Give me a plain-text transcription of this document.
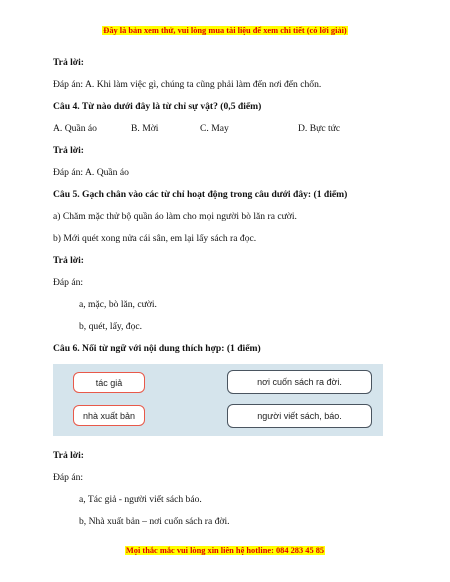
Đây là bản xem thử, vui lòng mua tài liệu để xem chi tiết (có lời giải)
Trả lời:
Đáp án: A. Khi làm việc gì, chúng ta cũng phải làm đến nơi đến chốn.
Câu 4. Từ nào dưới đây là từ chỉ sự vật? (0,5 điểm)
A. Quần áo	B. Mời	C. May	D. Bực tức
Trả lời:
Đáp án: A. Quần áo
Câu 5. Gạch chân vào các từ chỉ hoạt động trong câu dưới đây: (1 điểm)
a) Chăm mặc thử bộ quần áo làm cho mọi người bò lăn ra cười.
b) Mới quét xong nửa cái sân, em lại lấy sách ra đọc.
Trả lời:
Đáp án:
a, mặc, bò lăn, cười.
b, quét, lấy, đọc.
Câu 6. Nối từ ngữ với nội dung thích hợp: (1 điểm)
tác giả
nhà xuất bản
nơi cuốn sách ra đời.
người viết sách, báo.
Trả lời:
Đáp án:
a, Tác giả - người viết sách báo.
b, Nhà xuất bản – nơi cuốn sách ra đời.
Mọi thắc mắc vui lòng xin liên hệ hotline: 084 283 45 85
